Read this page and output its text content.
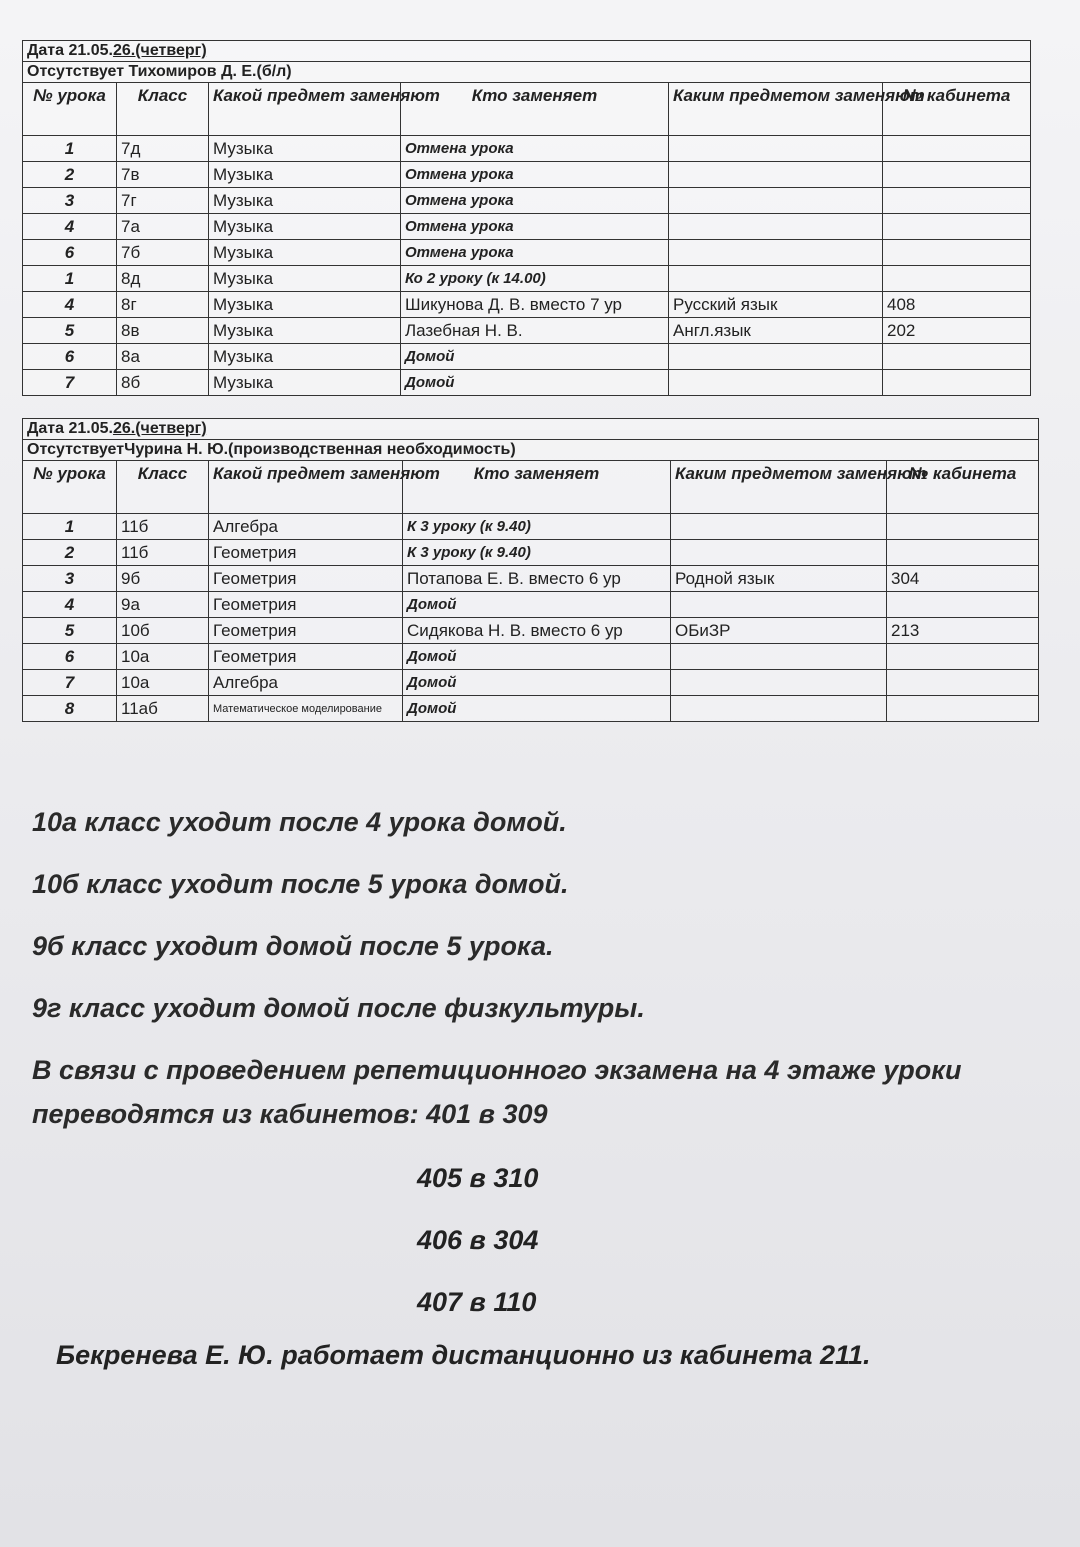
Дата 21.05.26.(четверг)					
Отсутствует Тихомиров Д. Е.(б/л)					
№ урока	Класс	Какой предмет заменяют	Кто заменяет	Каким предметом заменяют	№ кабинета
1	7д	Музыка	Отмена урока		
2	7в	Музыка	Отмена урока		
3	7г	Музыка	Отмена урока		
4	7а	Музыка	Отмена урока		
6	7б	Музыка	Отмена урока		
1	8д	Музыка	Ко 2 уроку (к 14.00)		
4	8г	Музыка	Шикунова Д. В. вместо 7 ур	Русский язык	408
5	8в	Музыка	Лазебная Н. В.	Англ.язык	202
6	8а	Музыка	Домой		
7	8б	Музыка	Домой		
Дата 21.05.26.(четверг)					
ОтсутствуетЧурина Н. Ю.(производственная необходимость)					
№ урока	Класс	Какой предмет заменяют	Кто заменяет	Каким предметом заменяют	№ кабинета
1	11б	Алгебра	К 3 уроку (к 9.40)		
2	11б	Геометрия	К 3 уроку (к 9.40)		
3	9б	Геометрия	Потапова Е. В. вместо 6 ур	Родной язык	304
4	9а	Геометрия	Домой		
5	10б	Геометрия	Сидякова Н. В. вместо 6 ур	ОБиЗР	213
6	10а	Геометрия	Домой		
7	10а	Алгебра	Домой		
8	11аб	Математическое моделирование	Домой		

10а класс уходит после 4 урока домой.

10б класс уходит после 5 урока домой.

9б класс уходит домой после 5 урока.

9г класс уходит домой после физкультуры.

В связи с проведением репетиционного экзамена на 4 этаже уроки

переводятся из кабинетов: 401 в 309

405 в 310
406 в 304
407 в 110
Бекренева Е. Ю. работает дистанционно из кабинета 211.
